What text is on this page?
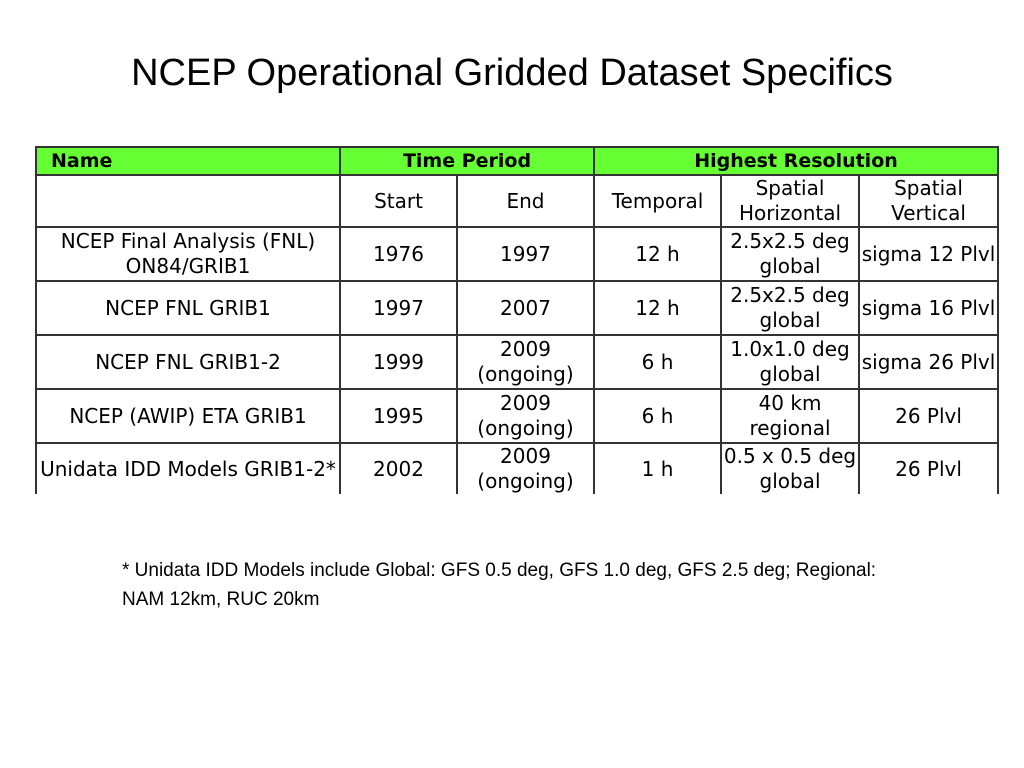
NCEP Operational Gridded Dataset Specifics
Name	Time Period		Highest Resolution		
	Start	End	Temporal	Spatial Horizontal	Spatial Vertical
NCEP Final Analysis (FNL) ON84/GRIB1	1976	1997	12 h	2.5x2.5 deg global	sigma 12 Plvl
NCEP FNL GRIB1	1997	2007	12 h	2.5x2.5 deg global	sigma 16 Plvl
NCEP FNL GRIB1-2	1999	2009 (ongoing)	6 h	1.0x1.0 deg global	sigma 26 Plvl
NCEP (AWIP) ETA GRIB1	1995	2009 (ongoing)	6 h	40 km regional	26 Plvl
Unidata IDD Models GRIB1-2*	2002	2009 (ongoing)	1 h	0.5 x 0.5 deg global	26 Plvl
* Unidata IDD Models include Global: GFS 0.5 deg, GFS 1.0 deg, GFS 2.5 deg; Regional: NAM 12km, RUC 20km
